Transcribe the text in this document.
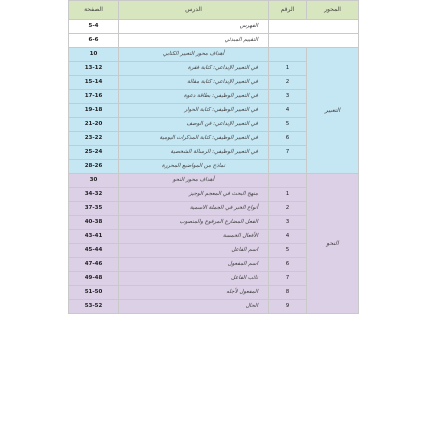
الصفحة	الدرس	الرقم	المحور
5-4	الفهرس		
6-6	التقييم المبدئي		
10	أهداف محور التعبير الكتابي		التعبير
13-12	في التعبير الإبداعي: كتابة فقرة	1	
15-14	في التعبير الإبداعي: كتابة مقالة	2	
17-16	في التعبير الوظيفي: بطاقة دعوة	3	
19-18	في التعبير الوظيفي: كتابة الحوار	4	
21-20	في التعبير الإبداعي: فن الوصف	5	
23-22	في التعبير الوظيفي: كتابة المذكرات اليومية	6	
25-24	في التعبير الوظيفي: الرسالة الشخصية	7	
28-26	نماذج من المواضيع المحررة		
30	أهداف محور النحو		النحو
34-32	منهج البحث في المعجم الوجيز	1	
37-35	أنواع الخبر في الجملة الاسمية	2	
40-38	الفعل المضارع المرفوع والمنصوب	3	
43-41	الأفعال الخمسة	4	
45-44	اسم الفاعل	5	
47-46	اسم المفعول	6	
49-48	نائب الفاعل	7	
51-50	المفعول لأجله	8	
53-52	الحال	9	
